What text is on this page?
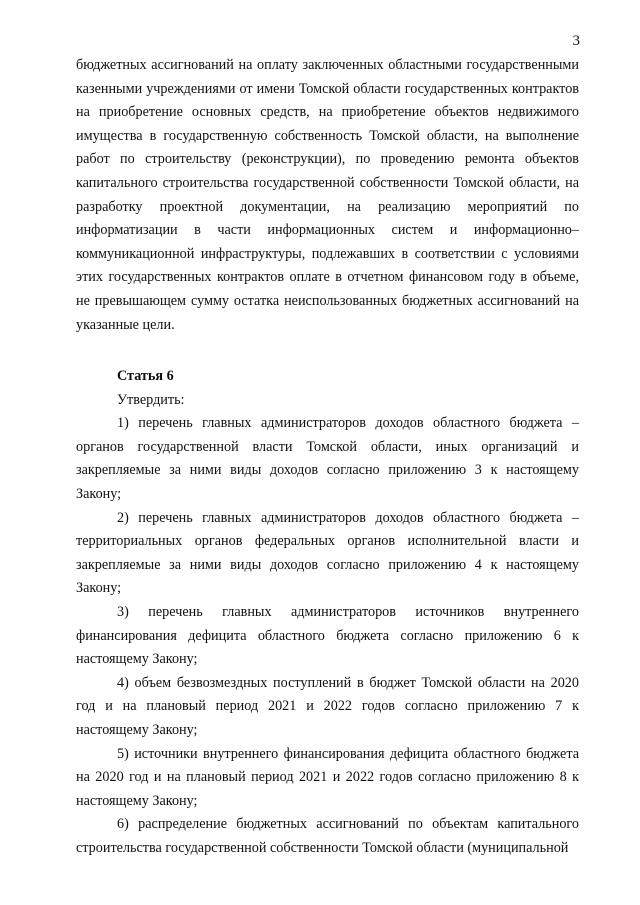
3

бюджетных ассигнований на оплату заключенных областными государственными казенными учреждениями от имени Томской области государственных контрактов на приобретение основных средств, на приобретение объектов недвижимого имущества в государственную собственность Томской области, на выполнение работ по строительству (реконструкции), по проведению ремонта объектов капитального строительства государственной собственности Томской области, на разработку проектной документации, на реализацию мероприятий по информатизации в части информационных систем и информационно–коммуникационной инфраструктуры, подлежавших в соответствии с условиями этих государственных контрактов оплате в отчетном финансовом году в объеме, не превышающем сумму остатка неиспользованных бюджетных ассигнований на указанные цели.

Статья 6

Утвердить:

1) перечень главных администраторов доходов областного бюджета – органов государственной власти Томской области, иных организаций и закрепляемые за ними виды доходов согласно приложению 3 к настоящему Закону;

2) перечень главных администраторов доходов областного бюджета – территориальных органов федеральных органов исполнительной власти и закрепляемые за ними виды доходов согласно приложению 4 к настоящему Закону;

3) перечень главных администраторов источников внутреннего финансирования дефицита областного бюджета согласно приложению 6 к настоящему Закону;

4) объем безвозмездных поступлений в бюджет Томской области на 2020 год и на плановый период 2021 и 2022 годов согласно приложению 7 к настоящему Закону;

5) источники внутреннего финансирования дефицита областного бюджета на 2020 год и на плановый период 2021 и 2022 годов согласно приложению 8 к настоящему Закону;

6) распределение бюджетных ассигнований по объектам капитального строительства государственной собственности Томской области (муниципальной
